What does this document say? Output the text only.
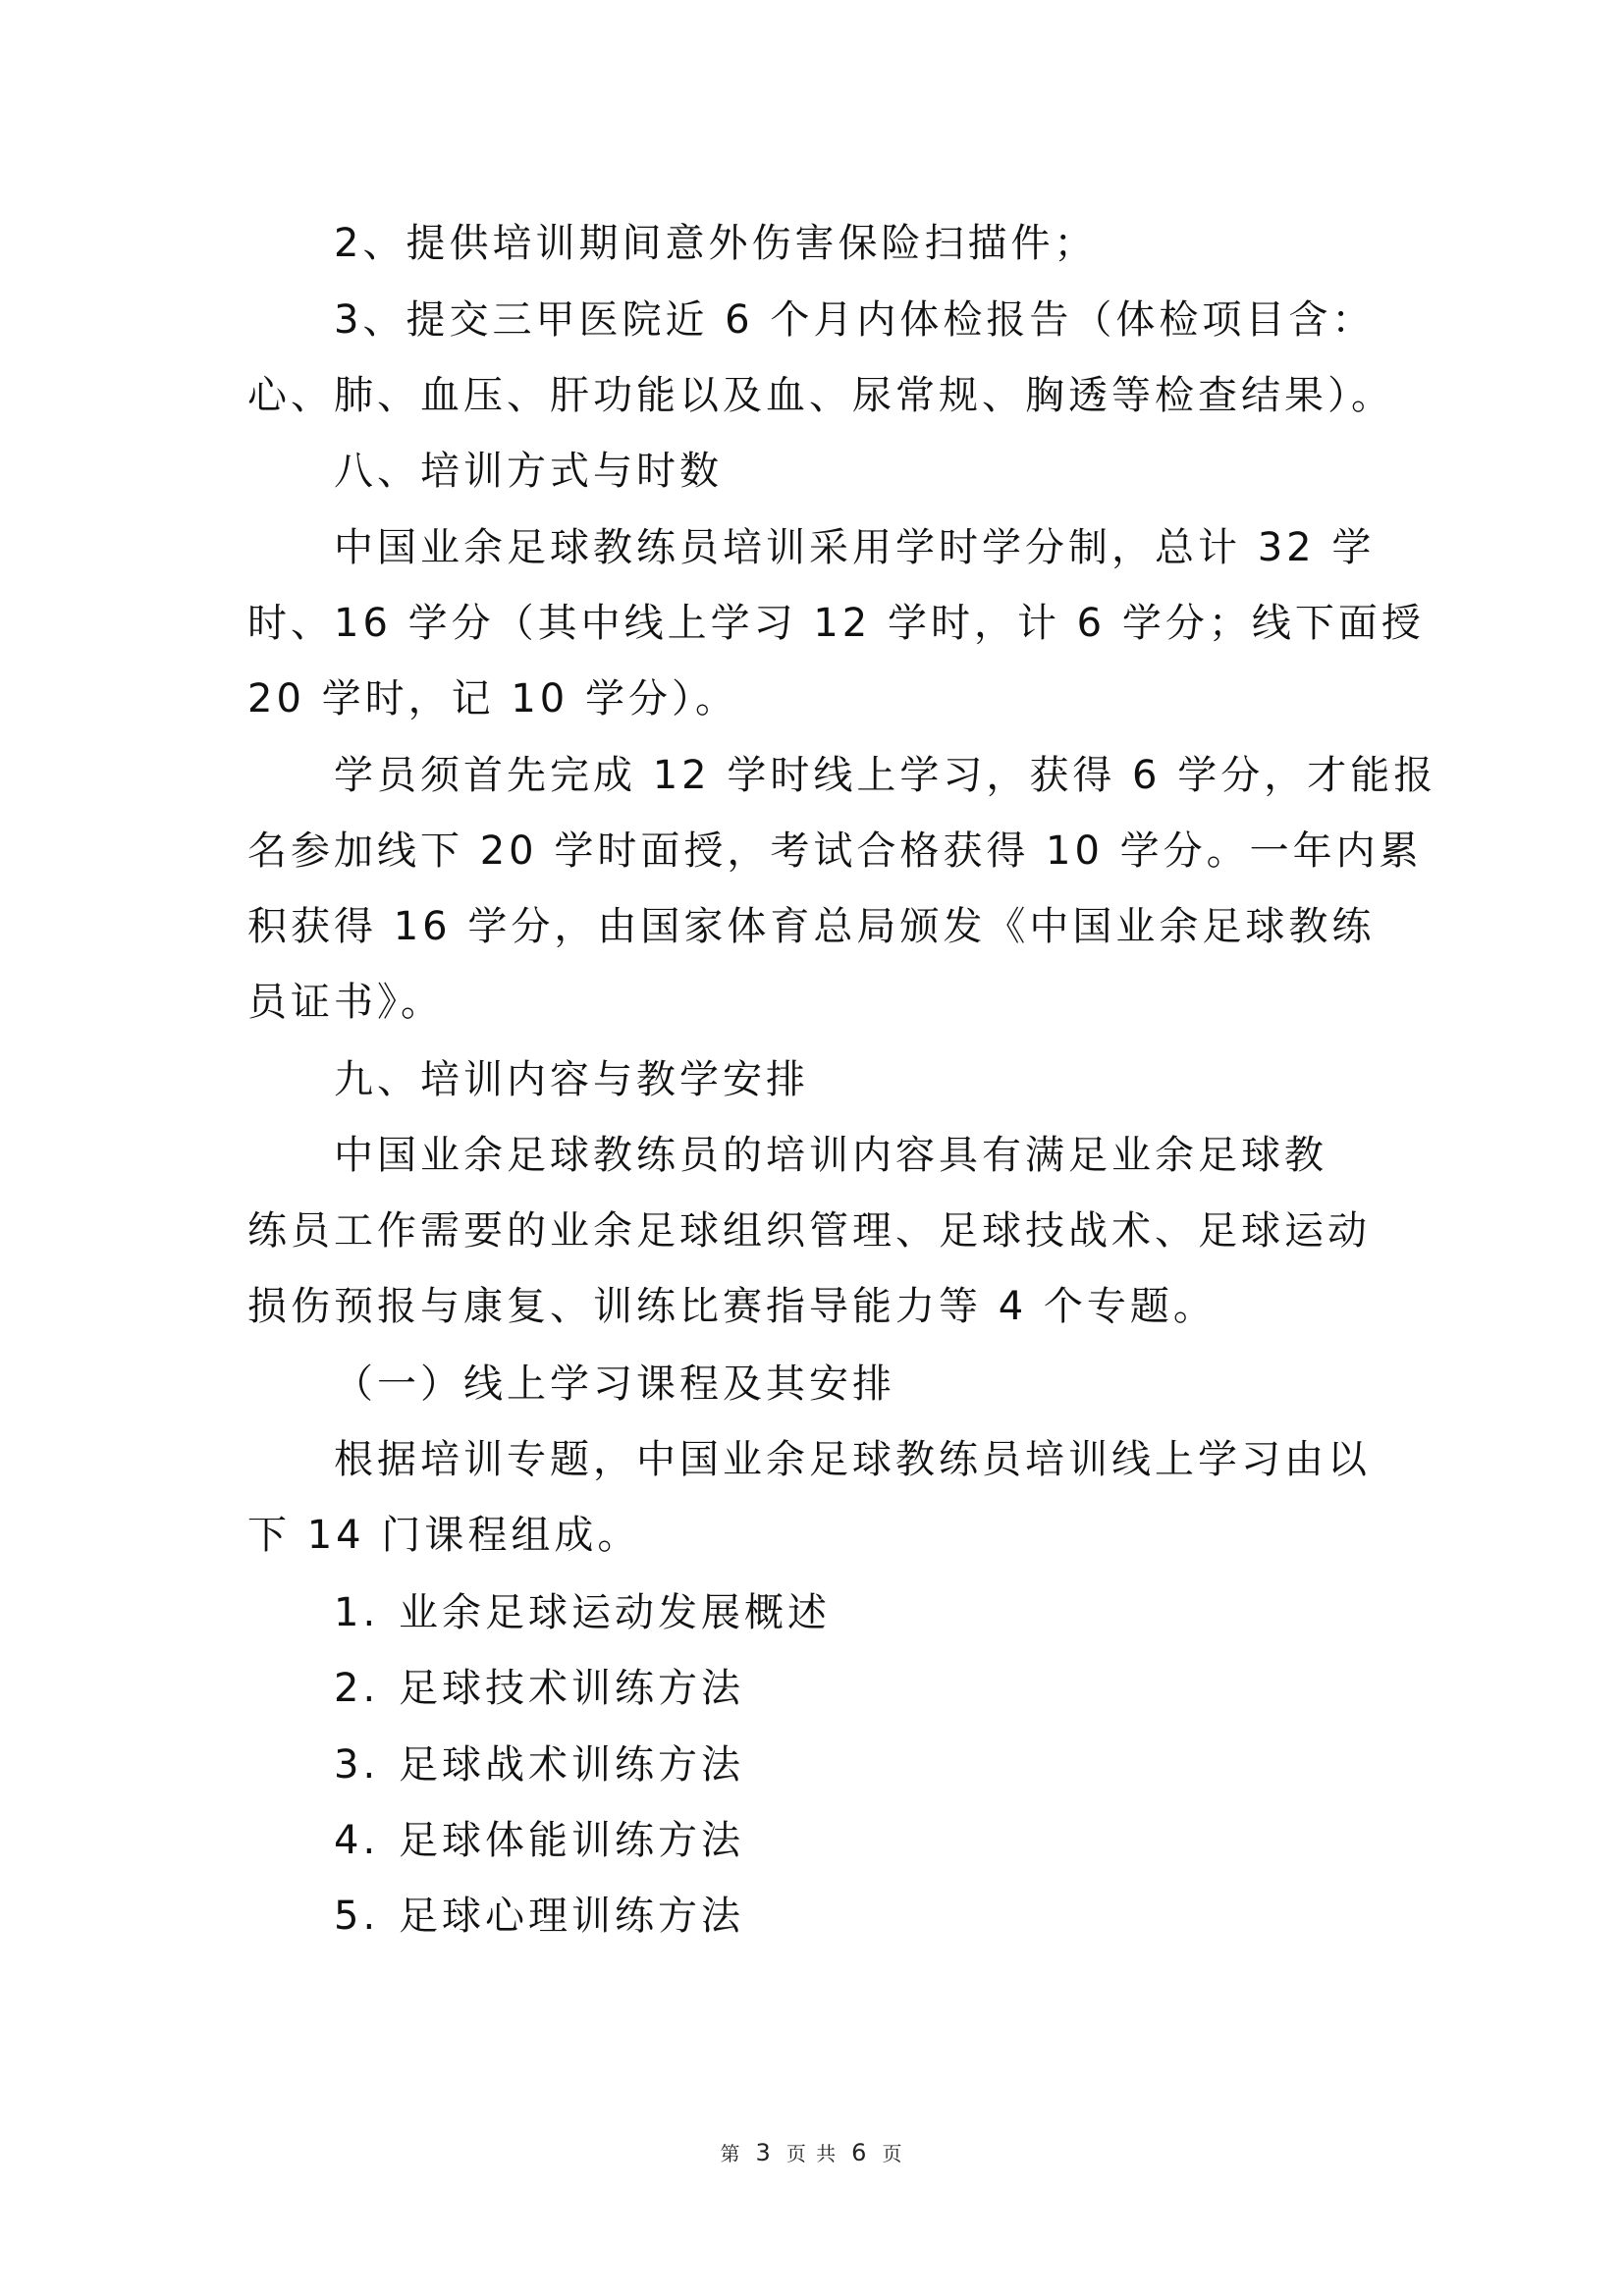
2、提供培训期间意外伤害保险扫描件；
3、提交三甲医院近 6 个月内体检报告（体检项目含：
心、肺、血压、肝功能以及血、尿常规、胸透等检查结果）。
八、培训方式与时数
中国业余足球教练员培训采用学时学分制，总计 32 学
时、16 学分（其中线上学习 12 学时，计 6 学分；线下面授
20 学时，记 10 学分）。
学员须首先完成 12 学时线上学习，获得 6 学分，才能报
名参加线下 20 学时面授，考试合格获得 10 学分。一年内累
积获得 16 学分，由国家体育总局颁发《中国业余足球教练
员证书》。
九、培训内容与教学安排
中国业余足球教练员的培训内容具有满足业余足球教
练员工作需要的业余足球组织管理、足球技战术、足球运动
损伤预报与康复、训练比赛指导能力等 4 个专题。
（一）线上学习课程及其安排
根据培训专题，中国业余足球教练员培训线上学习由以
下 14 门课程组成。
1. 业余足球运动发展概述
2. 足球技术训练方法
3. 足球战术训练方法
4. 足球体能训练方法
5. 足球心理训练方法
第 3 页 共 6 页
